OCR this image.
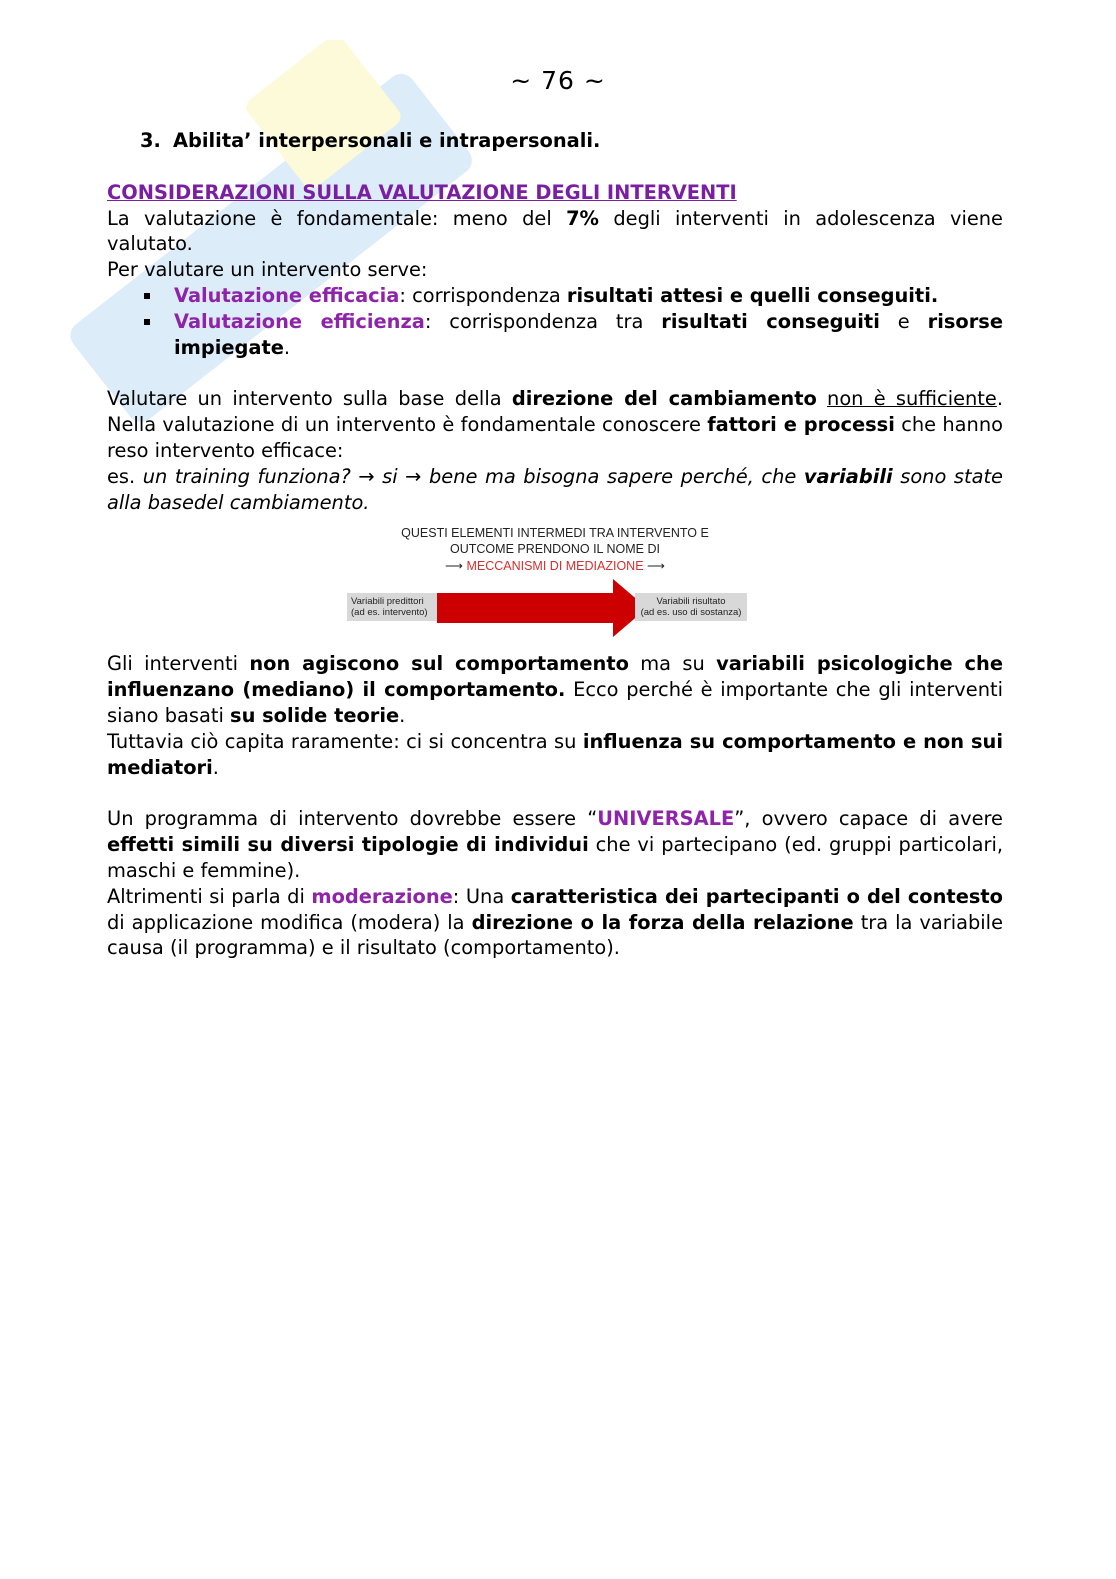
~ 76 ~

3. Abilita’ interpersonali e intrapersonali.

CONSIDERAZIONI SULLA VALUTAZIONE DEGLI INTERVENTI

La valutazione è fondamentale: meno del 7% degli interventi in adolescenza viene valutato.

Per valutare un intervento serve:

Valutazione efficacia: corrispondenza risultati attesi e quelli conseguiti.
Valutazione efficienza: corrispondenza tra risultati conseguiti e risorse impiegate.

Valutare un intervento sulla base della direzione del cambiamento non è sufficiente. Nella valutazione di un intervento è fondamentale conoscere fattori e processi che hanno reso intervento efficace:

es. un training funziona? → si → bene ma bisogna sapere perché, che variabili sono state alla basedel cambiamento.

QUESTI ELEMENTI INTERMEDI TRA INTERVENTO E
OUTCOME PRENDONO IL NOME DI
⟶ MECCANISMI DI MEDIAZIONE ⟶
Variabili predittori
(ad es. intervento)
Variabili risultato
(ad es. uso di sostanza)

Gli interventi non agiscono sul comportamento ma su variabili psicologiche che influenzano (mediano) il comportamento. Ecco perché è importante che gli interventi siano basati su solide teorie.

Tuttavia ciò capita raramente: ci si concentra su influenza su comportamento e non sui mediatori.

Un programma di intervento dovrebbe essere “UNIVERSALE”, ovvero capace di avere effetti simili su diversi tipologie di individui che vi partecipano (ed. gruppi particolari, maschi e femmine).

Altrimenti si parla di moderazione: Una caratteristica dei partecipanti o del contesto di applicazione modifica (modera) la direzione o la forza della relazione tra la variabile causa (il programma) e il risultato (comportamento).
